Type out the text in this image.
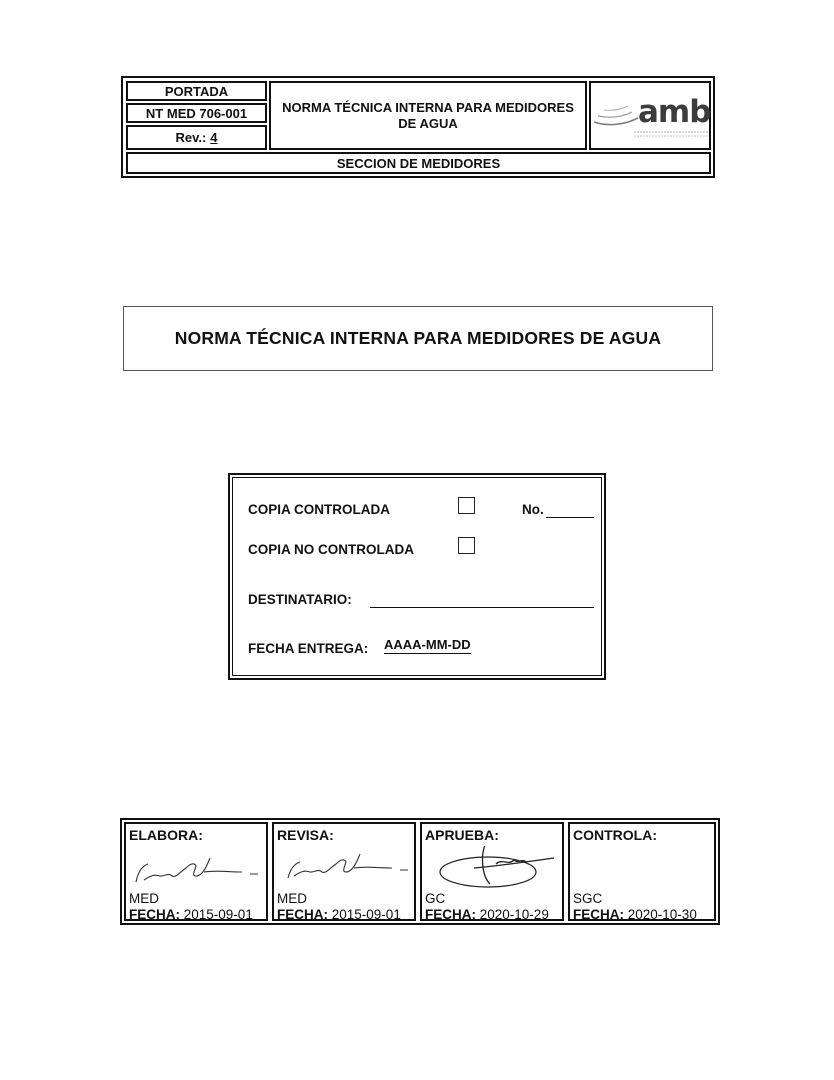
PORTADA
NT MED 706-001
Rev.: 4
NORMA TÉCNICA INTERNA PARA MEDIDORES DE AGUA	amb
SECCION DE MEDIDORES
NORMA TÉCNICA INTERNA PARA MEDIDORES DE AGUA
COPIA CONTROLADA	No.
COPIA NO CONTROLADA
DESTINATARIO:
FECHA ENTREGA: AAAA-MM-DD
ELABORA:
MED
FECHA: 2015-09-01
REVISA:
MED
FECHA: 2015-09-01
APRUEBA:
GC
FECHA: 2020-10-29
CONTROLA:
SGC
FECHA: 2020-10-30
